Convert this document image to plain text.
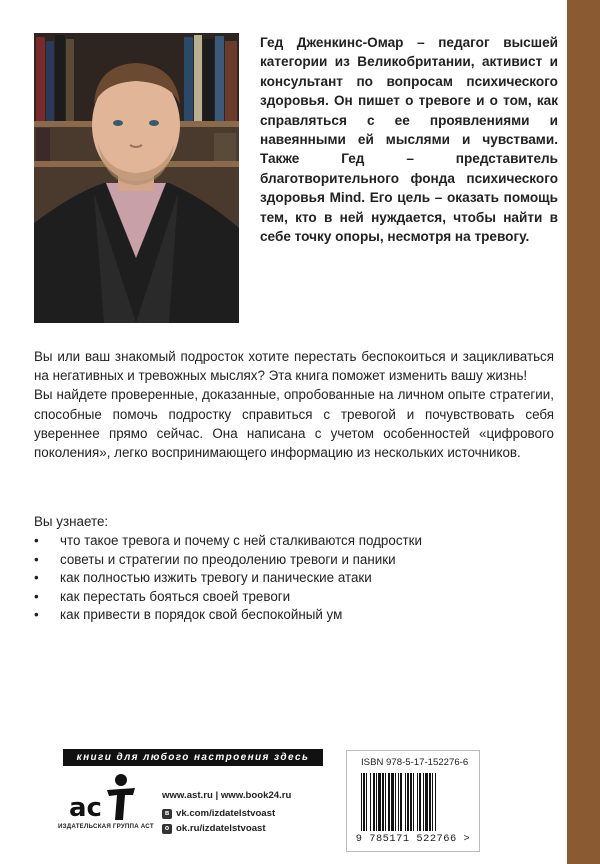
Гед Дженкинс-Омар – педагог высшей категории из Великобритании, активист и консультант по вопросам психического здоровья. Он пишет о тревоге и о том, как справляться с ее проявлениями и навеянными ей мыслями и чувствами. Также Гед – представитель благотворительного фонда психического здоровья Mind. Его цель – оказать помощь тем, кто в ней нуждается, чтобы найти в себе точку опоры, несмотря на тревогу.

Вы или ваш знакомый подросток хотите перестать беспокоиться и зацикливаться на негативных и тревожных мыслях? Эта книга поможет изменить вашу жизнь!

Вы найдете проверенные, доказанные, опробованные на личном опыте стратегии, способные помочь подростку справиться с тревогой и почувствовать себя увереннее прямо сейчас. Она написана с учетом особенностей «цифрового поколения», легко воспринимающего информацию из нескольких источников.

Вы узнаете:
• что такое тревога и почему с ней сталкиваются подростки
• советы и стратегии по преодолению тревоги и паники
• как полностью изжить тревогу и панические атаки
• как перестать бояться своей тревоги
• как привести в порядок свой беспокойный ум
книги для любого настроения здесь
ас
ИЗДАТЕЛЬСКАЯ ГРУППА АСТ
www.ast.ru | www.book24.ru
в vk.com/izdatelstvoast
о ok.ru/izdatelstvoast
ISBN 978-5-17-152276-6
9 785171 522766 >
